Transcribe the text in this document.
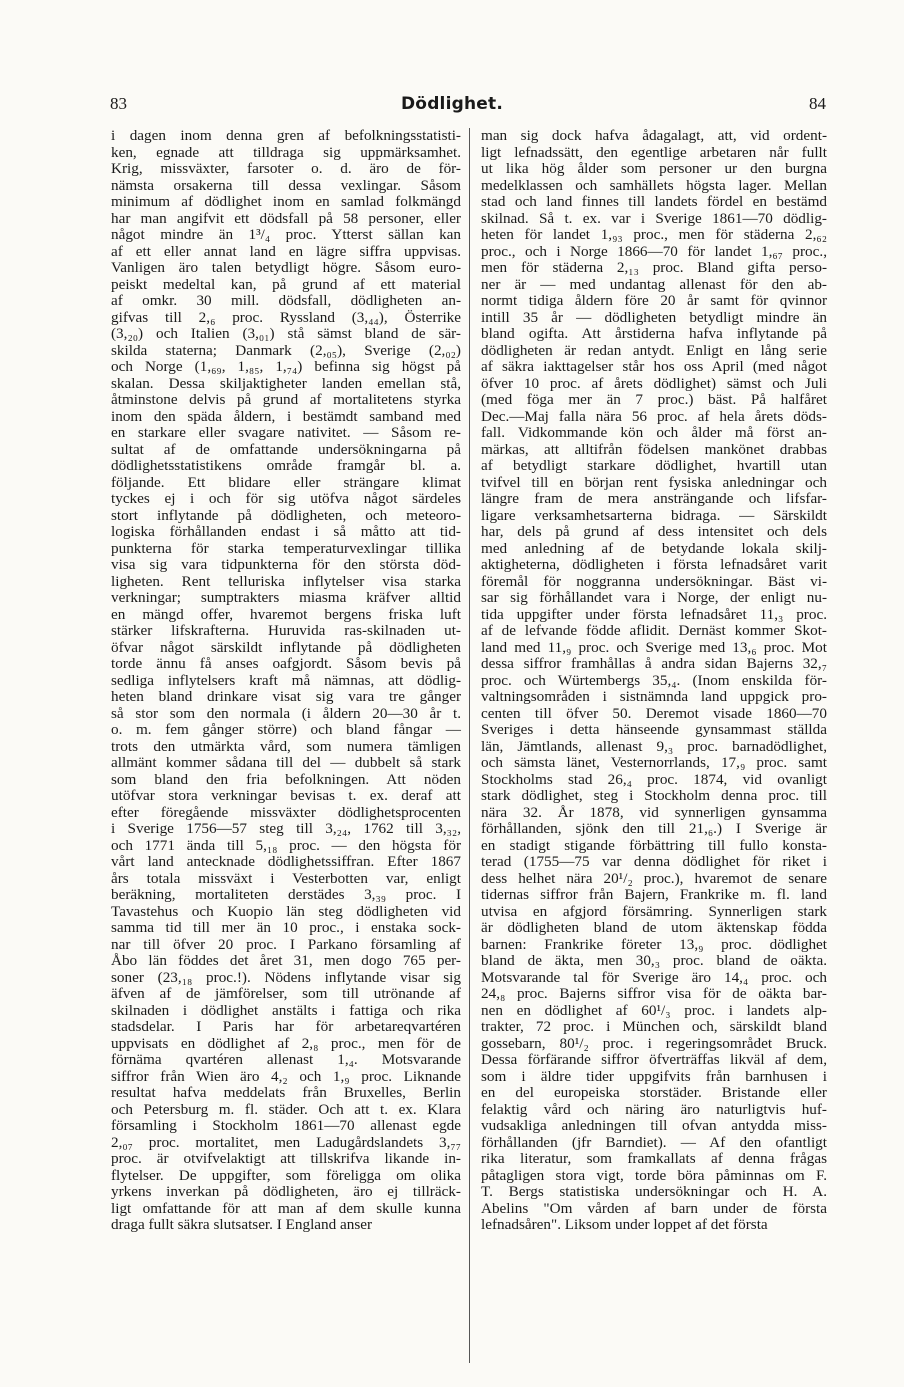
83	Dödlighet.	84
i dagen inom denna gren af befolkningsstatisti-
ken, egnade att tilldraga sig uppmärksamhet.
Krig, missväxter, farsoter o. d. äro de för-
nämsta orsakerna till dessa vexlingar. Såsom
minimum af dödlighet inom en samlad folkmängd
har man angifvit ett dödsfall på 58 personer, eller
något mindre än 1³/₄ proc. Ytterst sällan kan
af ett eller annat land en lägre siffra uppvisas.
Vanligen äro talen betydligt högre. Såsom euro-
peiskt medeltal kan, på grund af ett material
af omkr. 30 mill. dödsfall, dödligheten an-
gifvas till 2,₆ proc. Ryssland (3,₄₄), Österrike
(3,₂₀) och Italien (3,₀₁) stå sämst bland de sär-
skilda staterna; Danmark (2,₀₅), Sverige (2,₀₂)
och Norge (1,₆₉, 1,₈₅, 1,₇₄) befinna sig högst på
skalan. Dessa skiljaktigheter landen emellan stå,
åtminstone delvis på grund af mortalitetens styrka
inom den späda åldern, i bestämdt samband med
en starkare eller svagare nativitet. — Såsom re-
sultat af de omfattande undersökningarna på
dödlighetsstatistikens område framgår bl. a.
följande. Ett blidare eller strängare klimat
tyckes ej i och för sig utöfva något särdeles
stort inflytande på dödligheten, och meteoro-
logiska förhållanden endast i så måtto att tid-
punkterna för starka temperaturvexlingar tillika
visa sig vara tidpunkterna för den största död-
ligheten. Rent telluriska inflytelser visa starka
verkningar; sumptrakters miasma kräfver alltid
en mängd offer, hvaremot bergens friska luft
stärker lifskrafterna. Huruvida ras-skilnaden ut-
öfvar något särskildt inflytande på dödligheten
torde ännu få anses oafgjordt. Såsom bevis på
sedliga inflytelsers kraft må nämnas, att dödlig-
heten bland drinkare visat sig vara tre gånger
så stor som den normala (i åldern 20—30 år t.
o. m. fem gånger större) och bland fångar —
trots den utmärkta vård, som numera tämligen
allmänt kommer sådana till del — dubbelt så stark
som bland den fria befolkningen. Att nöden
utöfvar stora verkningar bevisas t. ex. deraf att
efter föregående missväxter dödlighetsprocenten
i Sverige 1756—57 steg till 3,₂₄, 1762 till 3,₃₂,
och 1771 ända till 5,₁₈ proc. — den högsta för
vårt land antecknade dödlighetssiffran. Efter 1867
års totala missväxt i Vesterbotten var, enligt
beräkning, mortaliteten derstädes 3,₃₉ proc. I
Tavastehus och Kuopio län steg dödligheten vid
samma tid till mer än 10 proc., i enstaka sock-
nar till öfver 20 proc. I Parkano församling af
Åbo län föddes det året 31, men dogo 765 per-
soner (23,₁₈ proc.!). Nödens inflytande visar sig
äfven af de jämförelser, som till utrönande af
skilnaden i dödlighet anstälts i fattiga och rika
stadsdelar. I Paris har för arbetareqvartéren
uppvisats en dödlighet af 2,₈ proc., men för de
förnäma qvartéren allenast 1,₄. Motsvarande
siffror från Wien äro 4,₂ och 1,₉ proc. Liknande
resultat hafva meddelats från Bruxelles, Berlin
och Petersburg m. fl. städer. Och att t. ex. Klara
församling i Stockholm 1861—70 allenast egde
2,₀₇ proc. mortalitet, men Ladugårdslandets 3,₇₇
proc. är otvifvelaktigt att tillskrifva likande in-
flytelser. De uppgifter, som föreligga om olika
yrkens inverkan på dödligheten, äro ej tillräck-
ligt omfattande för att man af dem skulle kunna
draga fullt säkra slutsatser. I England anser
man sig dock hafva ådagalagt, att, vid ordent-
ligt lefnadssätt, den egentlige arbetaren når fullt
ut lika hög ålder som personer ur den burgna
medelklassen och samhällets högsta lager. Mellan
stad och land finnes till landets fördel en bestämd
skilnad. Så t. ex. var i Sverige 1861—70 dödlig-
heten för landet 1,₉₃ proc., men för städerna 2,₆₂
proc., och i Norge 1866—70 för landet 1,₆₇ proc.,
men för städerna 2,₁₃ proc. Bland gifta perso-
ner är — med undantag allenast för den ab-
normt tidiga åldern före 20 år samt för qvinnor
intill 35 år — dödligheten betydligt mindre än
bland ogifta. Att årstiderna hafva inflytande på
dödligheten är redan antydt. Enligt en lång serie
af säkra iakttagelser står hos oss April (med något
öfver 10 proc. af årets dödlighet) sämst och Juli
(med föga mer än 7 proc.) bäst. På halfåret
Dec.—Maj falla nära 56 proc. af hela årets döds-
fall. Vidkommande kön och ålder må först an-
märkas, att alltifrån födelsen mankönet drabbas
af betydligt starkare dödlighet, hvartill utan
tvifvel till en början rent fysiska anledningar och
längre fram de mera ansträngande och lifsfar-
ligare verksamhetsarterna bidraga. — Särskildt
har, dels på grund af dess intensitet och dels
med anledning af de betydande lokala skilj-
aktigheterna, dödligheten i första lefnadsåret varit
föremål för noggranna undersökningar. Bäst vi-
sar sig förhållandet vara i Norge, der enligt nu-
tida uppgifter under första lefnadsåret 11,₃ proc.
af de lefvande födde aflidit. Dernäst kommer Skot-
land med 11,₉ proc. och Sverige med 13,₆ proc. Mot
dessa siffror framhållas å andra sidan Bajerns 32,₇
proc. och Würtembergs 35,₄. (Inom enskilda för-
valtningsområden i sistnämnda land uppgick pro-
centen till öfver 50. Deremot visade 1860—70
Sveriges i detta hänseende gynsammast ställda
län, Jämtlands, allenast 9,₃ proc. barnadödlighet,
och sämsta länet, Vesternorrlands, 17,₉ proc. samt
Stockholms stad 26,₄ proc. 1874, vid ovanligt
stark dödlighet, steg i Stockholm denna proc. till
nära 32. År 1878, vid synnerligen gynsamma
förhållanden, sjönk den till 21,₆.) I Sverige är
en stadigt stigande förbättring till fullo konsta-
terad (1755—75 var denna dödlighet för riket i
dess helhet nära 20¹/₂ proc.), hvaremot de senare
tidernas siffror från Bajern, Frankrike m. fl. land
utvisa en afgjord försämring. Synnerligen stark
är dödligheten bland de utom äktenskap födda
barnen: Frankrike företer 13,₉ proc. dödlighet
bland de äkta, men 30,₃ proc. bland de oäkta.
Motsvarande tal för Sverige äro 14,₄ proc. och
24,₈ proc. Bajerns siffror visa för de oäkta bar-
nen en dödlighet af 60¹/₃ proc. i landets alp-
trakter, 72 proc. i München och, särskildt bland
gossebarn, 80¹/₂ proc. i regeringsområdet Bruck.
Dessa förfärande siffror öfverträffas likväl af dem,
som i äldre tider uppgifvits från barnhusen i
en del europeiska storstäder. Bristande eller
felaktig vård och näring äro naturligtvis huf-
vudsakliga anledningen till ofvan antydda miss-
förhållanden (jfr Barndiet). — Af den ofantligt
rika literatur, som framkallats af denna frågas
påtagligen stora vigt, torde böra påminnas om F.
T. Bergs statistiska undersökningar och H. A.
Abelins "Om vården af barn under de första
lefnadsåren". Liksom under loppet af det första
